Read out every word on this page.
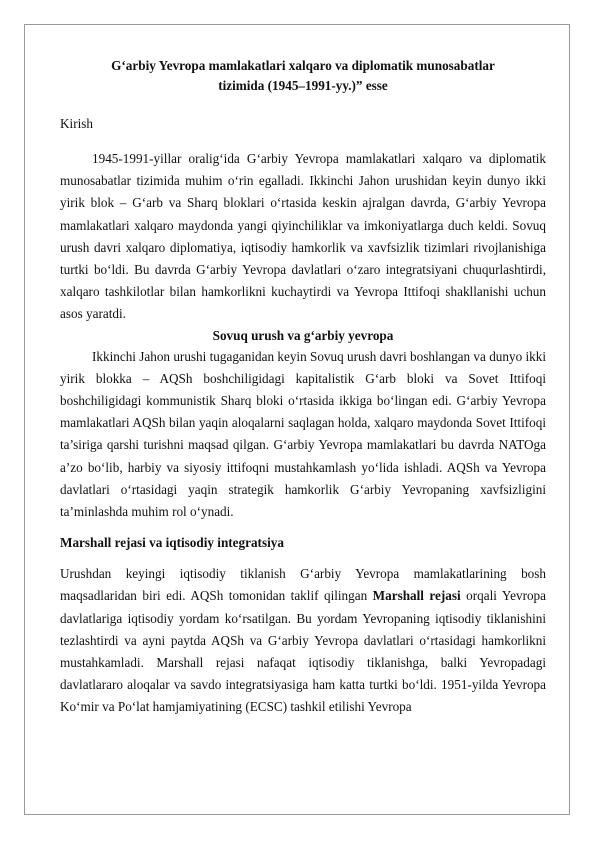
G‘arbiy Yevropa mamlakatlari xalqaro va diplomatik munosabatlar
tizimida (1945–1991-yy.)” esse
Kirish

1945-1991-yillar oralig‘ida G‘arbiy Yevropa mamlakatlari xalqaro va diplomatik munosabatlar tizimida muhim o‘rin egalladi. Ikkinchi Jahon urushidan keyin dunyo ikki yirik blok – G‘arb va Sharq bloklari o‘rtasida keskin ajralgan davrda, G‘arbiy Yevropa mamlakatlari xalqaro maydonda yangi qiyinchiliklar va imkoniyatlarga duch keldi. Sovuq urush davri xalqaro diplomatiya, iqtisodiy hamkorlik va xavfsizlik tizimlari rivojlanishiga turtki bo‘ldi. Bu davrda G‘arbiy Yevropa davlatlari o‘zaro integratsiyani chuqurlashtirdi, xalqaro tashkilotlar bilan hamkorlikni kuchaytirdi va Yevropa Ittifoqi shakllanishi uchun asos yaratdi.

Sovuq urush va g‘arbiy yevropa

Ikkinchi Jahon urushi tugaganidan keyin Sovuq urush davri boshlangan va dunyo ikki yirik blokka – AQSh boshchiligidagi kapitalistik G‘arb bloki va Sovet Ittifoqi boshchiligidagi kommunistik Sharq bloki o‘rtasida ikkiga bo‘lingan edi. G‘arbiy Yevropa mamlakatlari AQSh bilan yaqin aloqalarni saqlagan holda, xalqaro maydonda Sovet Ittifoqi ta’siriga qarshi turishni maqsad qilgan. G‘arbiy Yevropa mamlakatlari bu davrda NATOga a’zo bo‘lib, harbiy va siyosiy ittifoqni mustahkamlash yo‘lida ishladi. AQSh va Yevropa davlatlari o‘rtasidagi yaqin strategik hamkorlik G‘arbiy Yevropaning xavfsizligini ta’minlashda muhim rol o‘ynadi.

Marshall rejasi va iqtisodiy integratsiya

Urushdan keyingi iqtisodiy tiklanish G‘arbiy Yevropa mamlakatlarining bosh maqsadlaridan biri edi. AQSh tomonidan taklif qilingan Marshall rejasi orqali Yevropa davlatlariga iqtisodiy yordam ko‘rsatilgan. Bu yordam Yevropaning iqtisodiy tiklanishini tezlashtirdi va ayni paytda AQSh va G‘arbiy Yevropa davlatlari o‘rtasidagi hamkorlikni mustahkamladi. Marshall rejasi nafaqat iqtisodiy tiklanishga, balki Yevropadagi davlatlararo aloqalar va savdo integratsiyasiga ham katta turtki bo‘ldi. 1951-yilda Yevropa Ko‘mir va Po‘lat hamjamiyatining (ECSC) tashkil etilishi Yevropa
